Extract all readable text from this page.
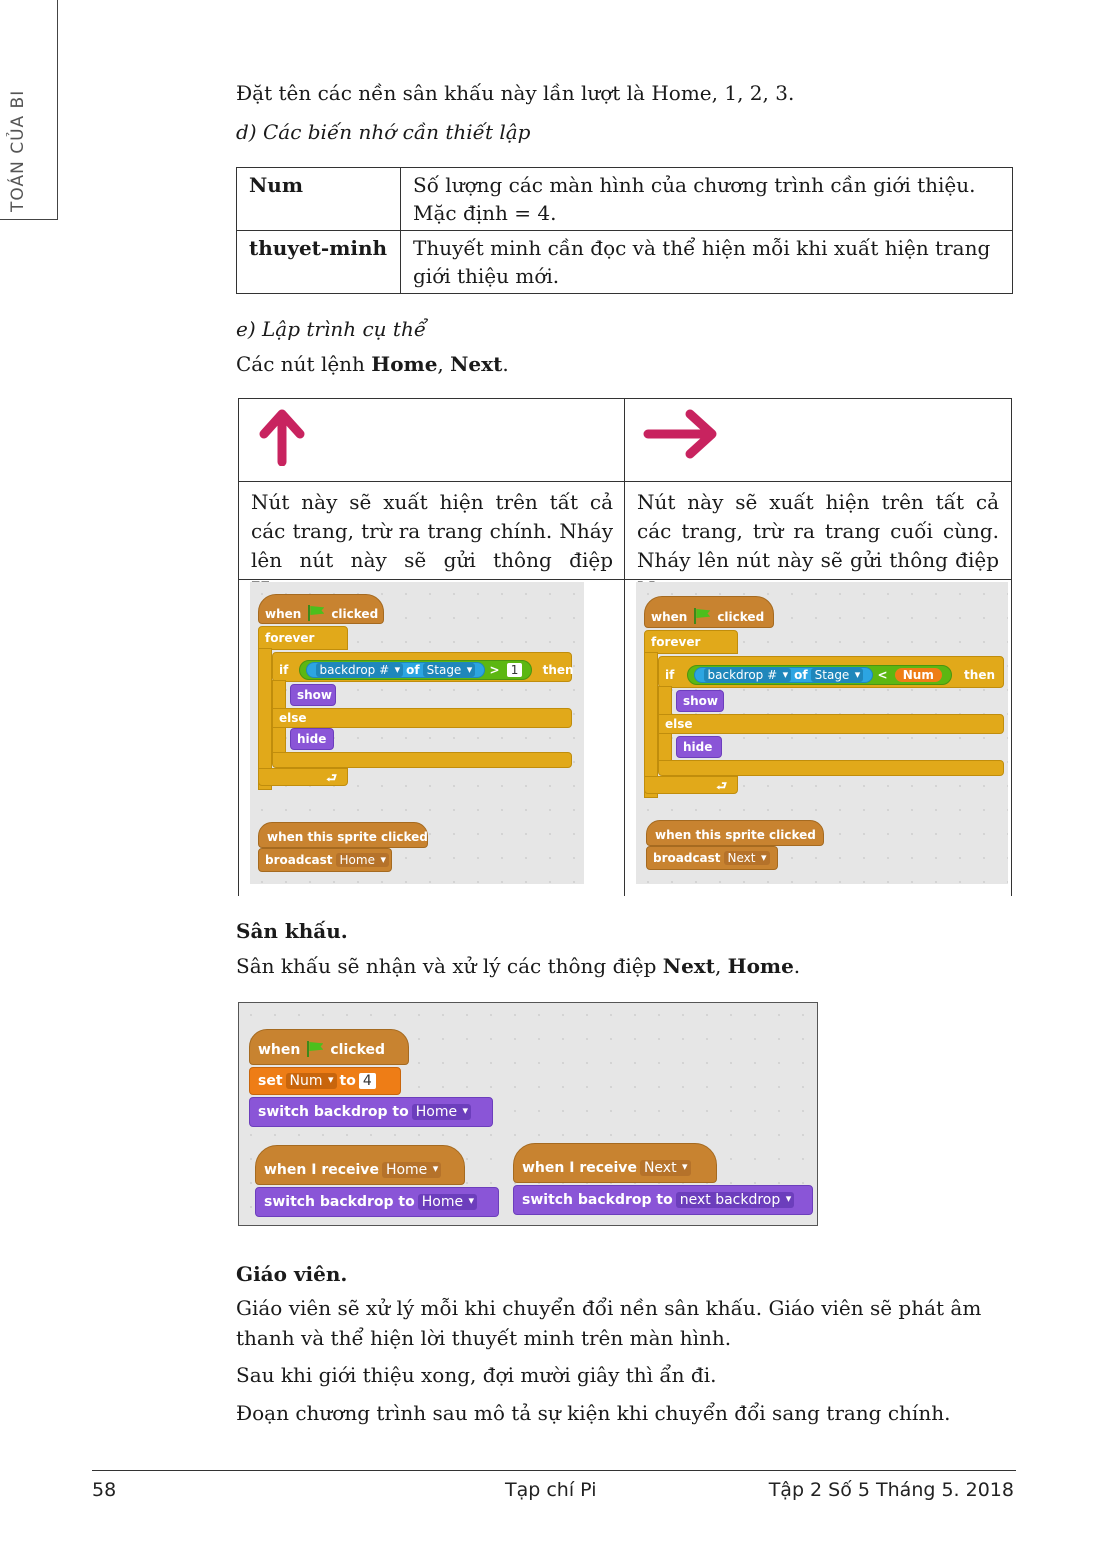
TOÁN CỦA BI	Đặt tên các nền sân khấu này lần lượt là Home, 1, 2, 3.

d) Các biến nhớ cần thiết lập

e) Lập trình cụ thể

Các nút lệnh Home, Next.

Sân khấu.

Sân khấu sẽ nhận và xử lý các thông điệp Next, Home.

Giáo viên.

Giáo viên sẽ xử lý mỗi khi chuyển đổi nền sân khấu. Giáo viên sẽ phát âm thanh và thể hiện lời thuyết minh trên màn hình.

Sau khi giới thiệu xong, đợi mười giây thì ẩn đi.

Đoạn chương trình sau mô tả sự kiện khi chuyển đổi sang trang chính.

Num	Số lượng các màn hình của chương trình cần giới thiệu. Mặc định = 4.
thuyet-minh	Thuyết minh cần đọc và thể hiện mỗi khi xuất hiện trang giới thiệu mới.
Nút này sẽ xuất hiện trên tất cả các trang, trừ ra trang chính. Nháy lên nút này sẽ gửi thông điệp
Nút này sẽ xuất hiện trên tất cả các trang, trừ ra trang cuối cùng. Nháy lên nút này sẽ gửi thông điệp
when	clicked
forever
if	backdrop # ▾ of Stage ▾ > 1 then
show
else
hide
⮐
when this sprite clicked
broadcast Home ▾
when	clicked
forever
if	backdrop # ▾ of Stage ▾ < Num	then
show
else
hide
⮐
when this sprite clicked
broadcast Next ▾
when clicked
set Num ▾ to 4
switch backdrop to Home ▾
when I receive Home ▾
switch backdrop to Home ▾
when I receive Next ▾
switch backdrop to next backdrop ▾
58	Tạp chí Pi	Tập 2 Số 5 Tháng 5. 2018
